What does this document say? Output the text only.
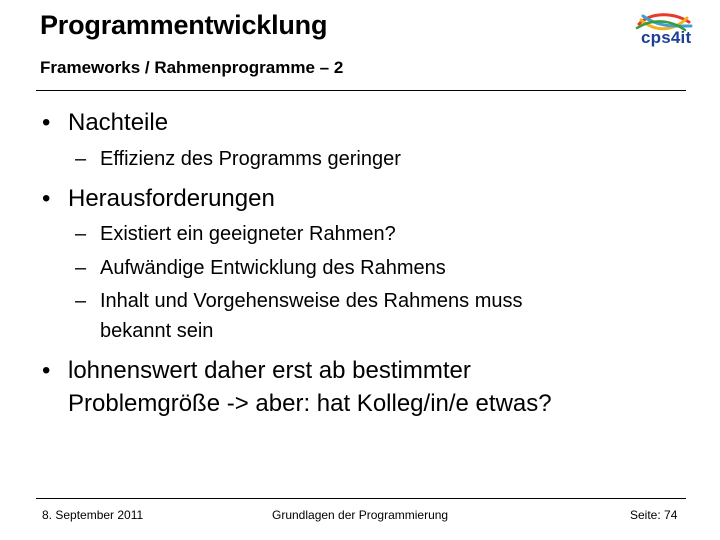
Programmentwicklung
Frameworks / Rahmenprogramme – 2
cps4it
• Nachteile
– Effizienz des Programms geringer
• Herausforderungen
– Existiert ein geeigneter Rahmen?
– Aufwändige Entwicklung des Rahmens
– Inhalt und Vorgehensweise des Rahmens muss
bekannt sein
• lohnenswert daher erst ab bestimmter
Problemgröße -> aber: hat Kolleg/in/e etwas?
8. September 2011	Grundlagen der Programmierung	Seite: 74
